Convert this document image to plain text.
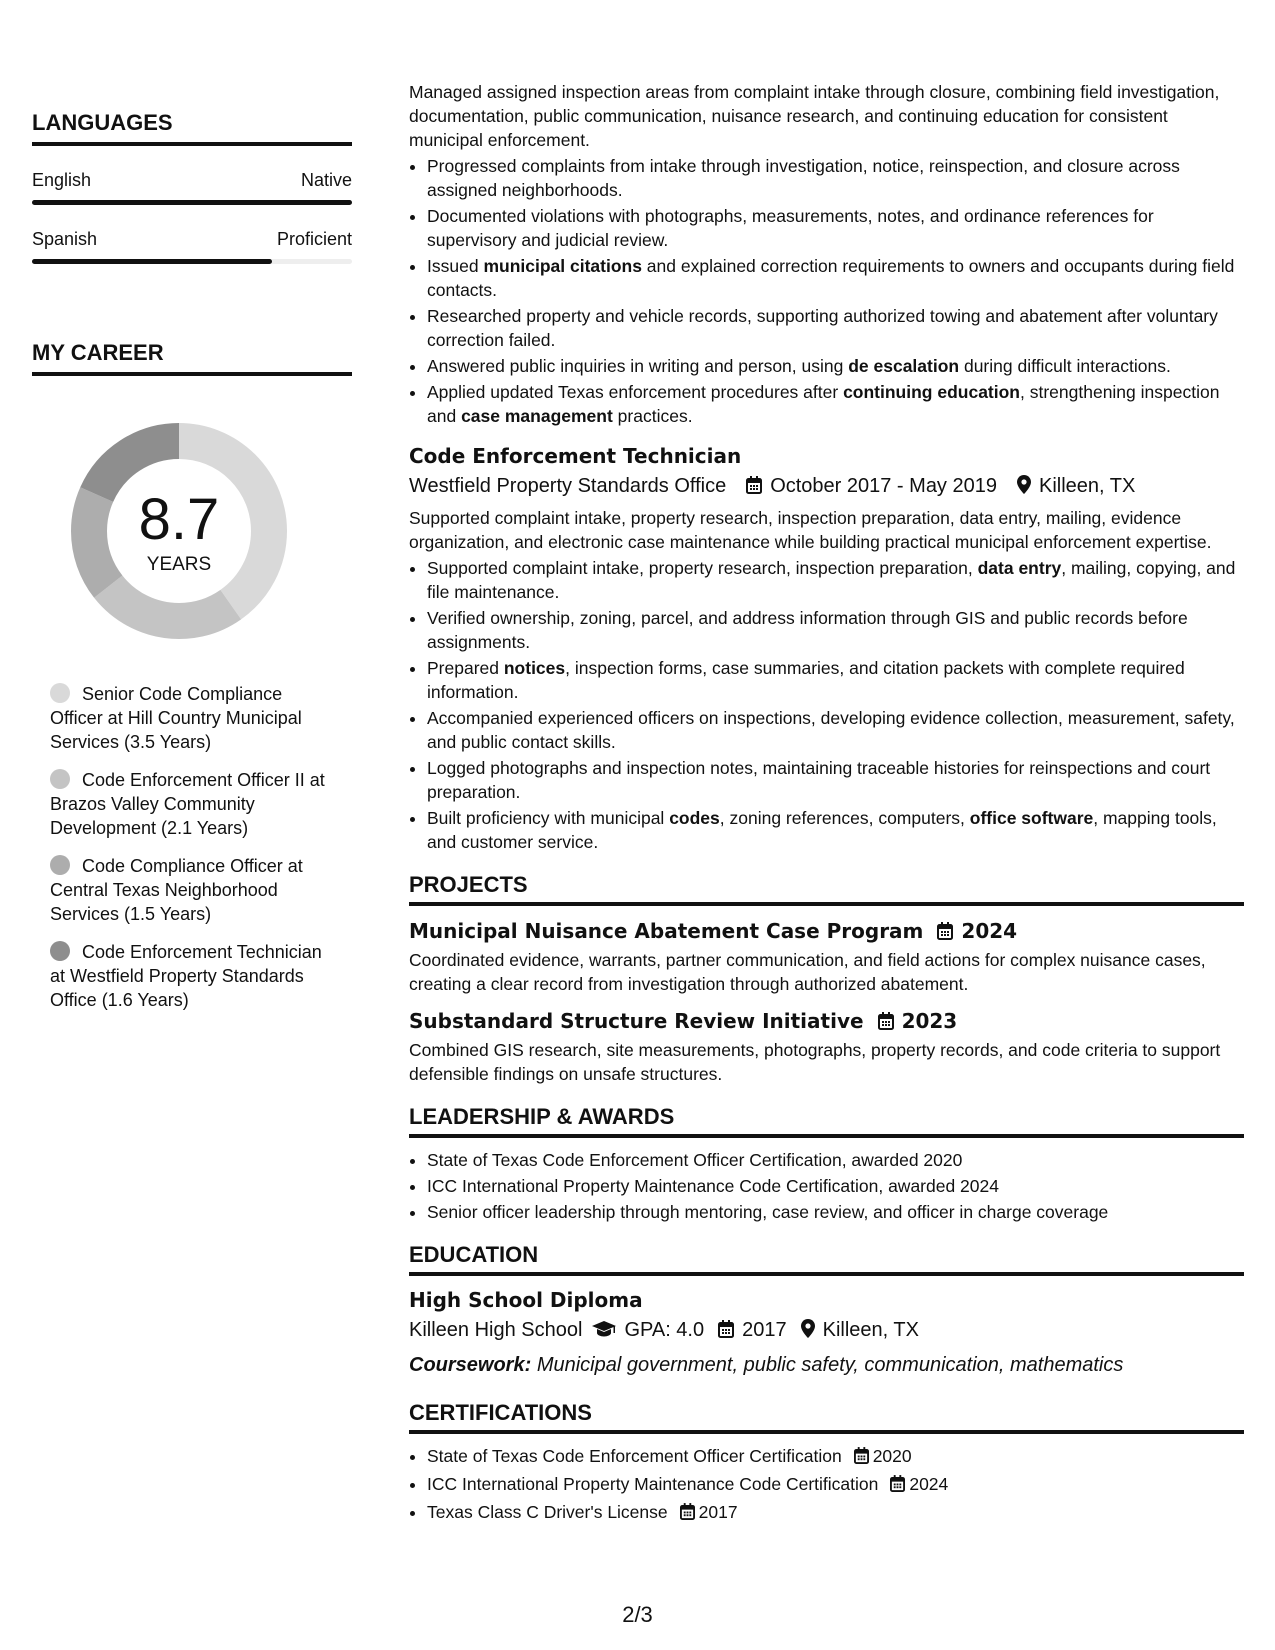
LANGUAGES
English	Native
Spanish	Proficient
MY CAREER
8.7
YEARS
Senior Code Compliance Officer at Hill Country Municipal Services (3.5 Years)
Code Enforcement Officer II at Brazos Valley Community Development (2.1 Years)
Code Compliance Officer at Central Texas Neighborhood Services (1.5 Years)
Code Enforcement Technician at Westfield Property Standards Office (1.6 Years)

Managed assigned inspection areas from complaint intake through closure, combining field investigation, documentation, public communication, nuisance research, and continuing education for consistent municipal enforcement.

• Progressed complaints from intake through investigation, notice, reinspection, and closure across assigned neighborhoods.
• Documented violations with photographs, measurements, notes, and ordinance references for supervisory and judicial review.
• Issued municipal citations and explained correction requirements to owners and occupants during field contacts.
• Researched property and vehicle records, supporting authorized towing and abatement after voluntary correction failed.
• Answered public inquiries in writing and person, using de escalation during difficult interactions.
• Applied updated Texas enforcement procedures after continuing education, strengthening inspection and case management practices.
Code Enforcement Technician
Westfield Property Standards Office October 2017 - May 2019 Killeen, TX

Supported complaint intake, property research, inspection preparation, data entry, mailing, evidence organization, and electronic case maintenance while building practical municipal enforcement expertise.

• Supported complaint intake, property research, inspection preparation, data entry, mailing, copying, and file maintenance.
• Verified ownership, zoning, parcel, and address information through GIS and public records before assignments.
• Prepared notices, inspection forms, case summaries, and citation packets with complete required information.
• Accompanied experienced officers on inspections, developing evidence collection, measurement, safety, and public contact skills.
• Logged photographs and inspection notes, maintaining traceable histories for reinspections and court preparation.
• Built proficiency with municipal codes, zoning references, computers, office software, mapping tools, and customer service.
PROJECTS
Municipal Nuisance Abatement Case Program 2024

Coordinated evidence, warrants, partner communication, and field actions for complex nuisance cases, creating a clear record from investigation through authorized abatement.

Substandard Structure Review Initiative 2023

Combined GIS research, site measurements, photographs, property records, and code criteria to support defensible findings on unsafe structures.

LEADERSHIP & AWARDS
• State of Texas Code Enforcement Officer Certification, awarded 2020
• ICC International Property Maintenance Code Certification, awarded 2024
• Senior officer leadership through mentoring, case review, and officer in charge coverage
EDUCATION
High School Diploma
Killeen High School GPA: 4.0 2017 Killeen, TX
Coursework: Municipal government, public safety, communication, mathematics
CERTIFICATIONS
• State of Texas Code Enforcement Officer Certification 2020
• ICC International Property Maintenance Code Certification 2024
• Texas Class C Driver's License 2017
2/3
